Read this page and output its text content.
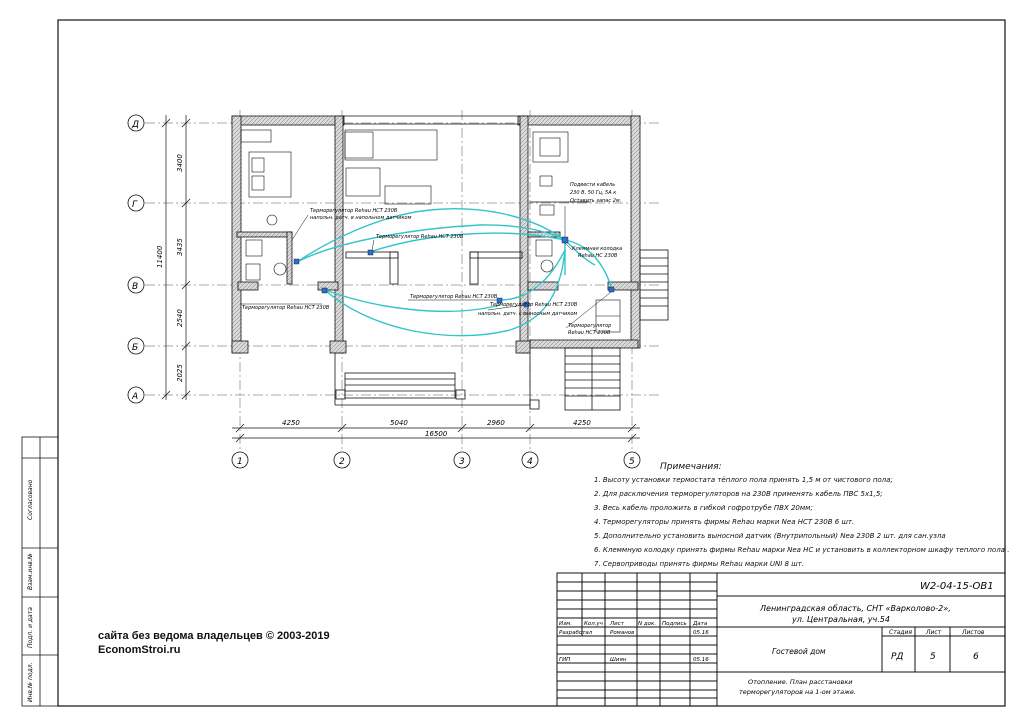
Согласовано
Взам.инв.№
Подп. и дата
Инв.№ подл.
Д
Г
В
Б
А
1	2	3	4	5
3400
3435
2540
2025
11400
4250	5040	2960	4250
16500
Терморегулятор Rehau НСТ 230В
напольн. датч. в напольном датчиком
Терморегулятор Rehau НСТ 230В
Терморегулятор Rehau НСТ 230В
Терморегулятор Rehau НСТ 230В
напольн. датч. с выносным датчиком
Терморегулятор Rehau НСТ 230В
Подвести кабель
230 В, 50 Гц, 5А к
Оставить запас 2м.
Клеммная колодка
Rehau НС 230В
Терморегулятор
Rehau НСТ 230В
W2-04-15-OВ1
Ленинградская область, СНТ «Варколово-2»,
ул. Центральная, уч.54
Изм. Кол.уч Лист	N док. Подпись Дата
Разработал	Романов	05.16
ГИП	Шиян	05.16
Гостевой дом
Стадия Лист	Листов
РД	5	6
Отопление. План расстановки
терморегуляторов на 1-ом этаже.
Примечания:
1. Высоту установки термостата тёплого пола принять 1,5 м от чистового пола;
2. Для расключения терморегуляторов на 230В применять кабель ПВС 5х1,5;
3. Весь кабель проложить в гибкой гофротрубе ПВХ 20мм;
4. Терморегуляторы принять фирмы Rehau марки Nea НСТ 230В 6 шт.
5. Дополнительно установить выносной датчик (Внутрипольный) Nea 230В 2 шт. для сан.узла
6. Клеммную колодку принять фирмы Rehau марки Nea НС и установить в коллекторном шкафу теплого пола .
7. Сервоприводы принять фирмы Rehau марки UNI 8 шт.
сайта без ведома владельцев © 2003-2019
EconomStroi.ru
